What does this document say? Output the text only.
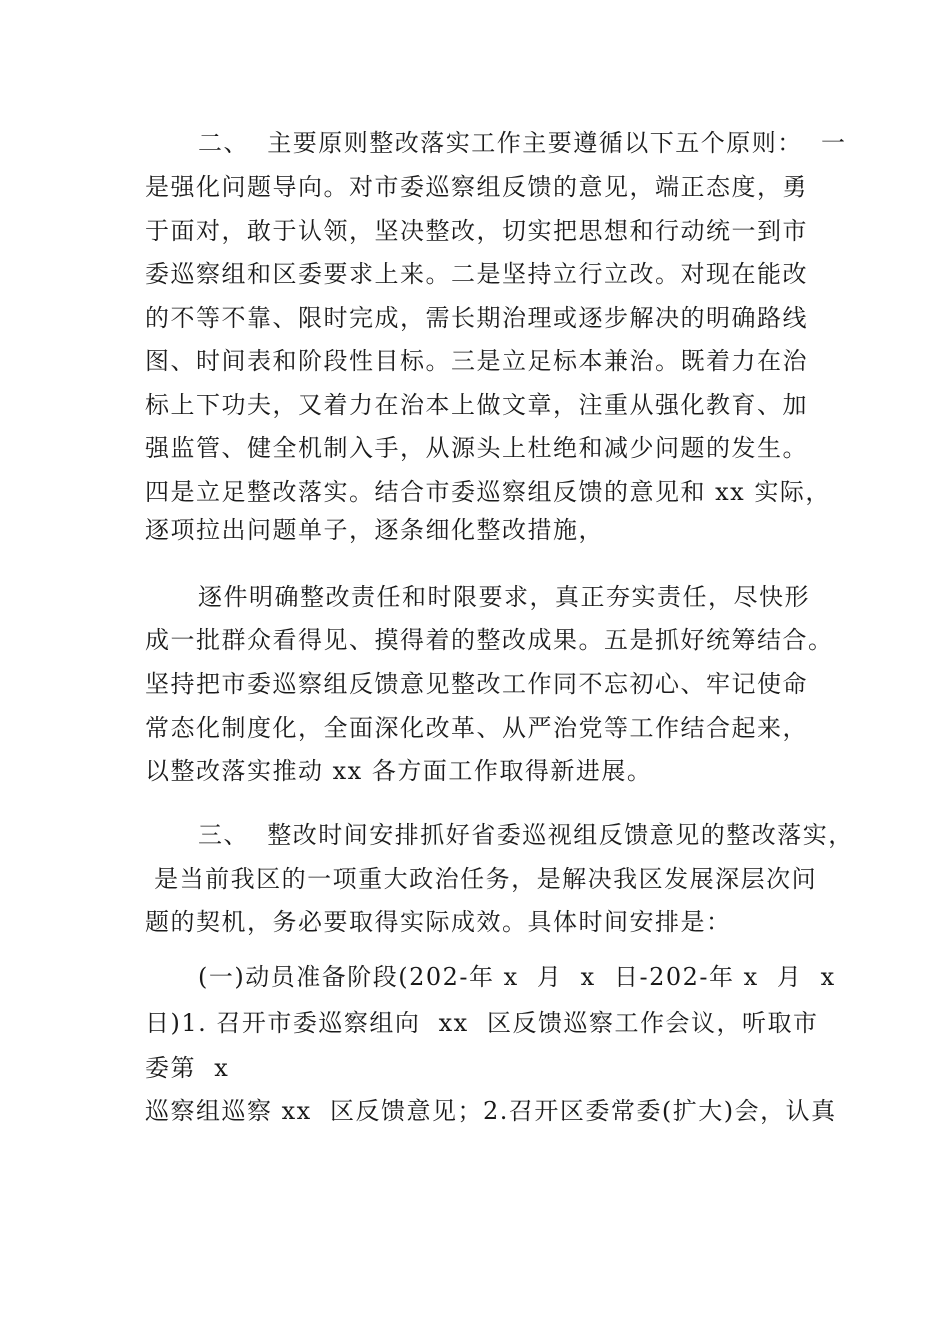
二、  主要原则整改落实工作主要遵循以下五个原则：  一
是强化问题导向。对市委巡察组反馈的意见，端正态度，勇
于面对，敢于认领，坚决整改，切实把思想和行动统一到市
委巡察组和区委要求上来。二是坚持立行立改。对现在能改
的不等不靠、限时完成，需长期治理或逐步解决的明确路线
图、时间表和阶段性目标。三是立足标本兼治。既着力在治
标上下功夫，又着力在治本上做文章，注重从强化教育、加
强监管、健全机制入手，从源头上杜绝和减少问题的发生。
四是立足整改落实。结合市委巡察组反馈的意见和 xx 实际，
逐项拉出问题单子，逐条细化整改措施，
逐件明确整改责任和时限要求，真正夯实责任，尽快形
成一批群众看得见、摸得着的整改成果。五是抓好统筹结合。
坚持把市委巡察组反馈意见整改工作同不忘初心、牢记使命
常态化制度化，全面深化改革、从严治党等工作结合起来，
以整改落实推动 xx 各方面工作取得新进展。
三、  整改时间安排抓好省委巡视组反馈意见的整改落实，
是当前我区的一项重大政治任务，是解决我区发展深层次问
题的契机，务必要取得实际成效。具体时间安排是：
(一)动员准备阶段(202-年 x  月  x  日-202-年 x  月  x
日)1. 召开市委巡察组向  xx  区反馈巡察工作会议，听取市
委第  x
巡察组巡察 xx  区反馈意见；2.召开区委常委(扩大)会，认真
